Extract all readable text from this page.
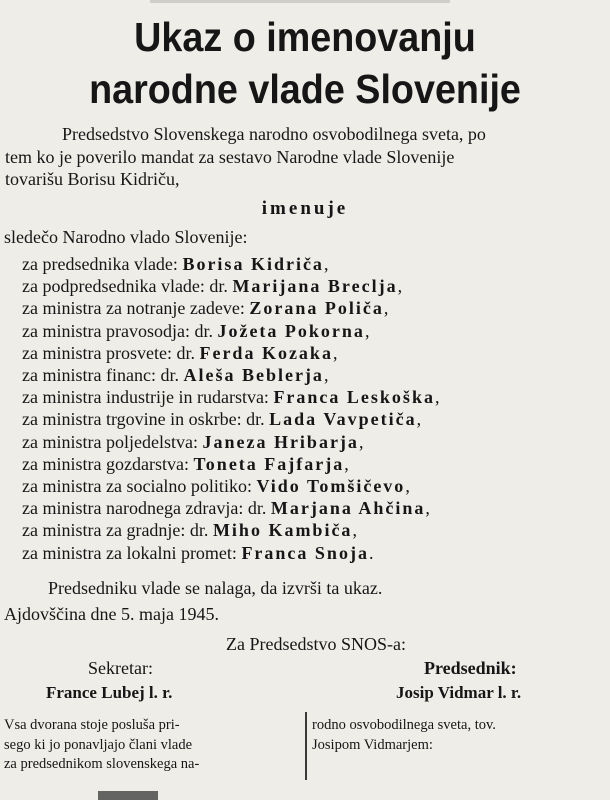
Ukaz o imenovanju
narodne vlade Slovenije

Predsedstvo Slovenskega narodno osvobodilnega sveta, po
tem ko je poverilo mandat za sestavo Narodne vlade Slovenije
tovarišu Borisu Kidriču,

imenuje
sledečo Narodno vlado Slovenije:
za predsednika vlade: Borisa Kidriča,
za podpredsednika vlade: dr. Marijana Breclja,
za ministra za notranje zadeve: Zorana Poliča,
za ministra pravosodja: dr. Jožeta Pokorna,
za ministra prosvete: dr. Ferda Kozaka,
za ministra financ: dr. Aleša Beblerja,
za ministra industrije in rudarstva: Franca Leskoška,
za ministra trgovine in oskrbe: dr. Lada Vavpetiča,
za ministra poljedelstva: Janeza Hribarja,
za ministra gozdarstva: Toneta Fajfarja,
za ministra za socialno politiko: Vido Tomšičevo,
za ministra narodnega zdravja: dr. Marjana Ahčina,
za ministra za gradnje: dr. Miho Kambiča,
za ministra za lokalni promet: Franca Snoja.
Predsedniku vlade se nalaga, da izvrši ta ukaz.
Ajdovščina dne 5. maja 1945.
Za Predsedstvo SNOS-a:
Sekretar:
France Lubej l. r.
Predsednik:
Josip Vidmar l. r.
Vsa dvorana stoje posluša pri-
sego ki jo ponavljajo člani vlade
za predsednikom slovenskega na-
rodno osvobodilnega sveta, tov.
Josipom Vidmarjem:
